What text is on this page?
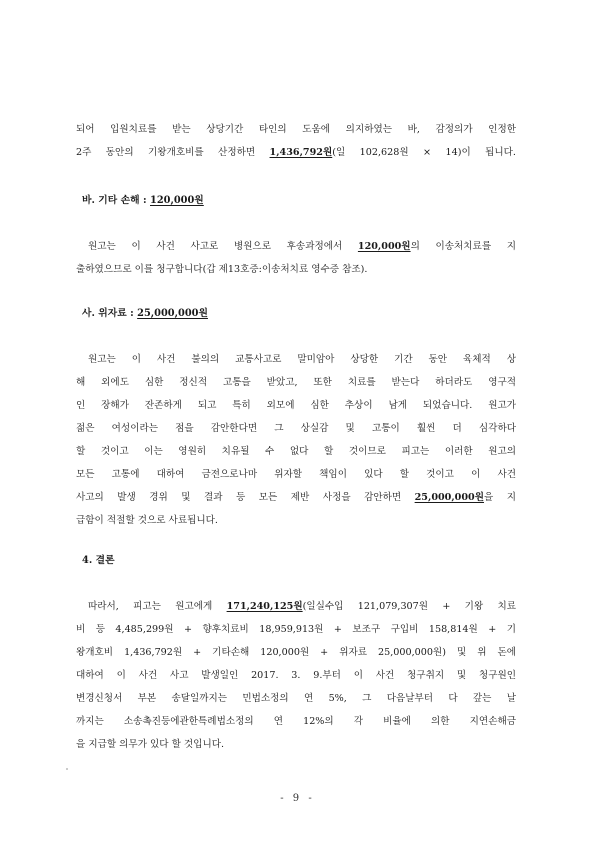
되어 입원치료를 받는 상당기간 타인의 도움에 의지하였는 바, 감정의가 인정한
2주 동안의 기왕개호비를 산정하면 1,436,792원(일 102,628원 × 14)이 됩니다.
바. 기타 손해 : 120,000원
원고는 이 사건 사고로 병원으로 후송과정에서 120,000원의 이송처치료를 지
출하였으므로 이를 청구합니다(갑 제13호증:이송처치료 영수증 참조).
사. 위자료 : 25,000,000원
원고는 이 사건 불의의 교통사고로 말미암아 상당한 기간 동안 육체적 상
해 외에도 심한 정신적 고통을 받았고, 또한 치료를 받는다 하더라도 영구적
인 장해가 잔존하게 되고 특히 외모에 심한 추상이 남게 되었습니다. 원고가
젊은 여성이라는 점을 감안한다면 그 상실감 및 고통이 훨씬 더 심각하다
할 것이고 이는 영원히 치유될 수 없다 할 것이므로 피고는 이러한 원고의
모든 고통에 대하여 금전으로나마 위자할 책임이 있다 할 것이고 이 사건
사고의 발생 경위 및 결과 등 모든 제반 사정을 감안하면 25,000,000원을 지
급함이 적절할 것으로 사료됩니다.
4. 결론
따라서, 피고는 원고에게 171,240,125원(일실수입 121,079,307원 + 기왕 치료
비 등 4,485,299원 + 향후치료비 18,959,913원 + 보조구 구입비 158,814원 + 기
왕개호비 1,436,792원 + 기타손해 120,000원 + 위자료 25,000,000원) 및 위 돈에
대하여 이 사건 사고 발생일인 2017. 3. 9.부터 이 사건 청구취지 및 청구원인
변경신청서 부본 송달일까지는 민법소정의 연 5%, 그 다음날부터 다 갚는 날
까지는 소송촉진등에관한특례법소정의 연 12%의 각 비율에 의한 지연손해금
을 지급할 의무가 있다 할 것입니다.
- 9 -
